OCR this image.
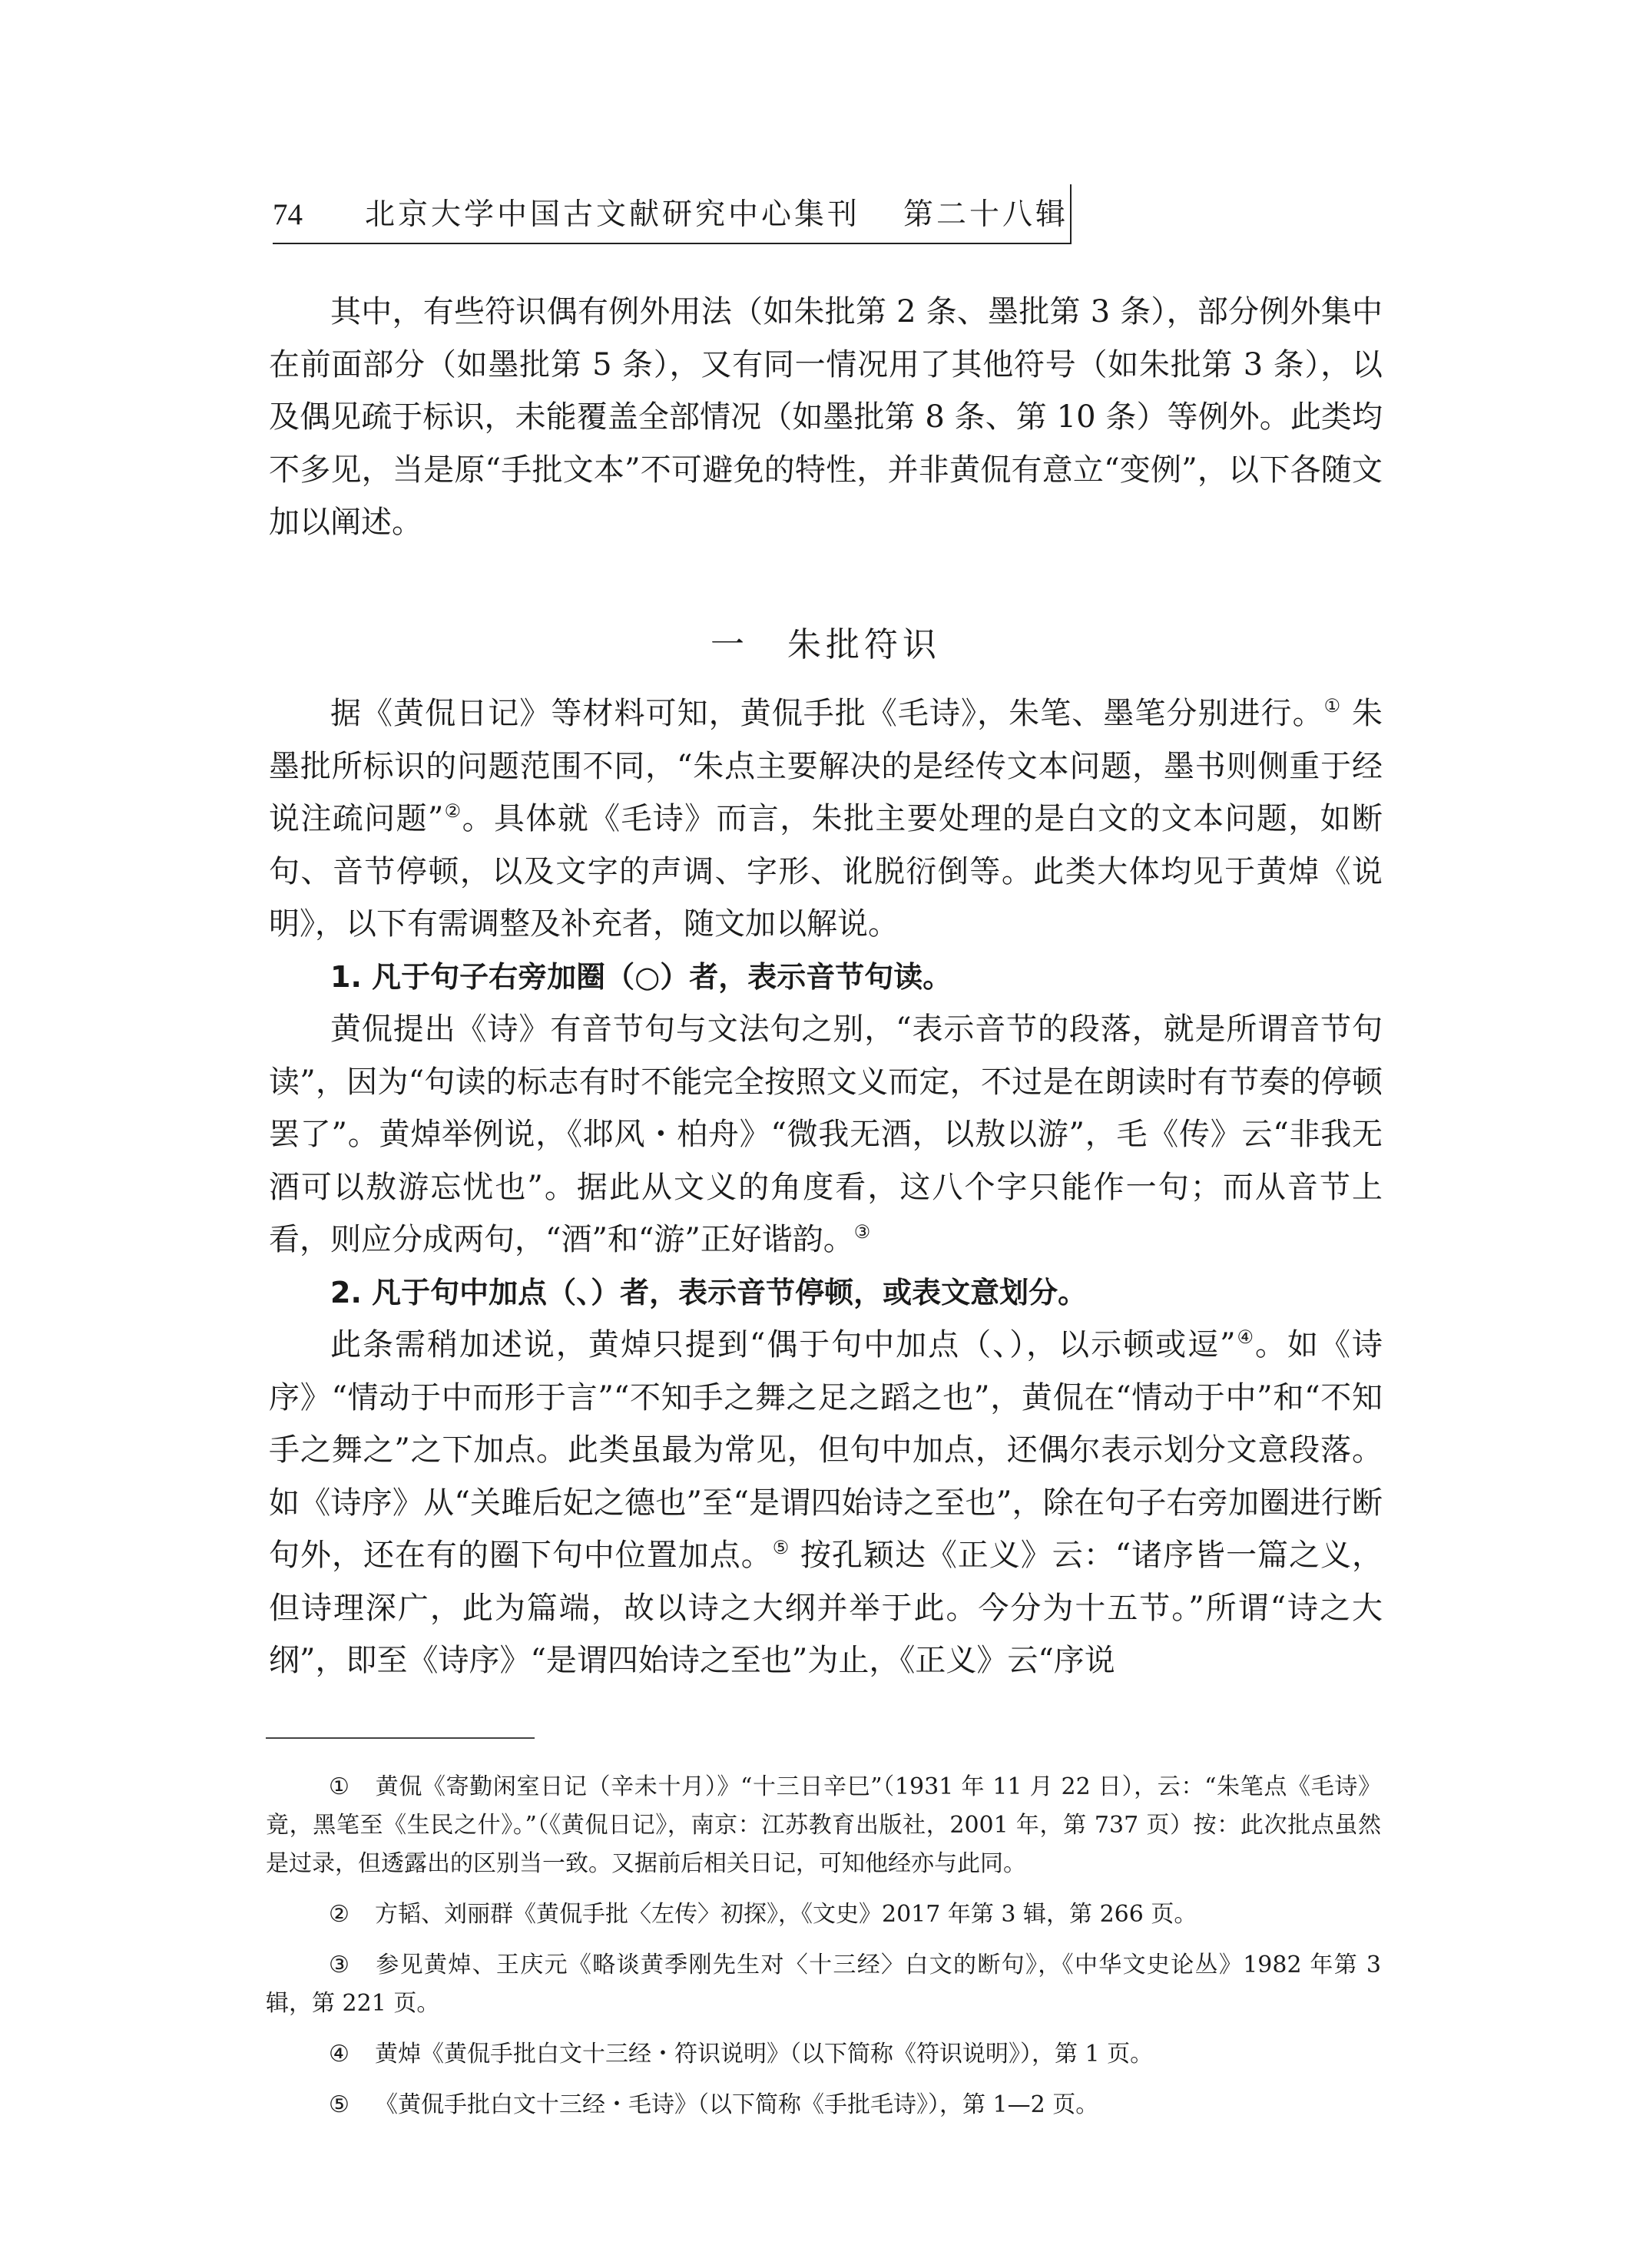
74 北京大学中国古文献研究中心集刊 第二十八辑

其中，有些符识偶有例外用法（如朱批第 2 条、墨批第 3 条），部分例外集中在前面部分（如墨批第 5 条），又有同一情况用了其他符号（如朱批第 3 条），以及偶见疏于标识，未能覆盖全部情况（如墨批第 8 条、第 10 条）等例外。此类均不多见，当是原“手批文本”不可避免的特性，并非黄侃有意立“变例”，以下各随文加以阐述。

一　朱批符识

据《黄侃日记》等材料可知，黄侃手批《毛诗》，朱笔、墨笔分别进行。① 朱墨批所标识的问题范围不同，“朱点主要解决的是经传文本问题，墨书则侧重于经说注疏问题”②。具体就《毛诗》而言，朱批主要处理的是白文的文本问题，如断句、音节停顿，以及文字的声调、字形、讹脱衍倒等。此类大体均见于黄焯《说明》，以下有需调整及补充者，随文加以解说。

1. 凡于句子右旁加圈（○）者，表示音节句读。

黄侃提出《诗》有音节句与文法句之别，“表示音节的段落，就是所谓音节句读”，因为“句读的标志有时不能完全按照文义而定，不过是在朗读时有节奏的停顿罢了”。黄焯举例说，《邶风・柏舟》“微我无酒，以敖以游”，毛《传》云“非我无酒可以敖游忘忧也”。据此从文义的角度看，这八个字只能作一句；而从音节上看，则应分成两句，“酒”和“游”正好谐韵。③

2. 凡于句中加点（、）者，表示音节停顿，或表文意划分。

此条需稍加述说，黄焯只提到“偶于句中加点（、），以示顿或逗”④。如《诗序》“情动于中而形于言”“不知手之舞之足之蹈之也”，黄侃在“情动于中”和“不知手之舞之”之下加点。此类虽最为常见，但句中加点，还偶尔表示划分文意段落。如《诗序》从“关雎后妃之德也”至“是谓四始诗之至也”，除在句子右旁加圈进行断句外，还在有的圈下句中位置加点。⑤ 按孔颖达《正义》云：“诸序皆一篇之义，但诗理深广，此为篇端，故以诗之大纲并举于此。今分为十五节。”所谓“诗之大纲”，即至《诗序》“是谓四始诗之至也”为止，《正义》云“序说

① 黄侃《寄勤闲室日记（辛未十月）》“十三日辛巳”（1931 年 11 月 22 日），云：“朱笔点《毛诗》竟，黑笔至《生民之什》。”（《黄侃日记》，南京：江苏教育出版社，2001 年，第 737 页）按：此次批点虽然是过录，但透露出的区别当一致。又据前后相关日记，可知他经亦与此同。

② 方韬、刘丽群《黄侃手批〈左传〉初探》，《文史》2017 年第 3 辑，第 266 页。

③ 参见黄焯、王庆元《略谈黄季刚先生对〈十三经〉白文的断句》，《中华文史论丛》1982 年第 3 辑，第 221 页。

④ 黄焯《黄侃手批白文十三经・符识说明》（以下简称《符识说明》），第 1 页。

⑤ 《黄侃手批白文十三经・毛诗》（以下简称《手批毛诗》），第 1—2 页。
